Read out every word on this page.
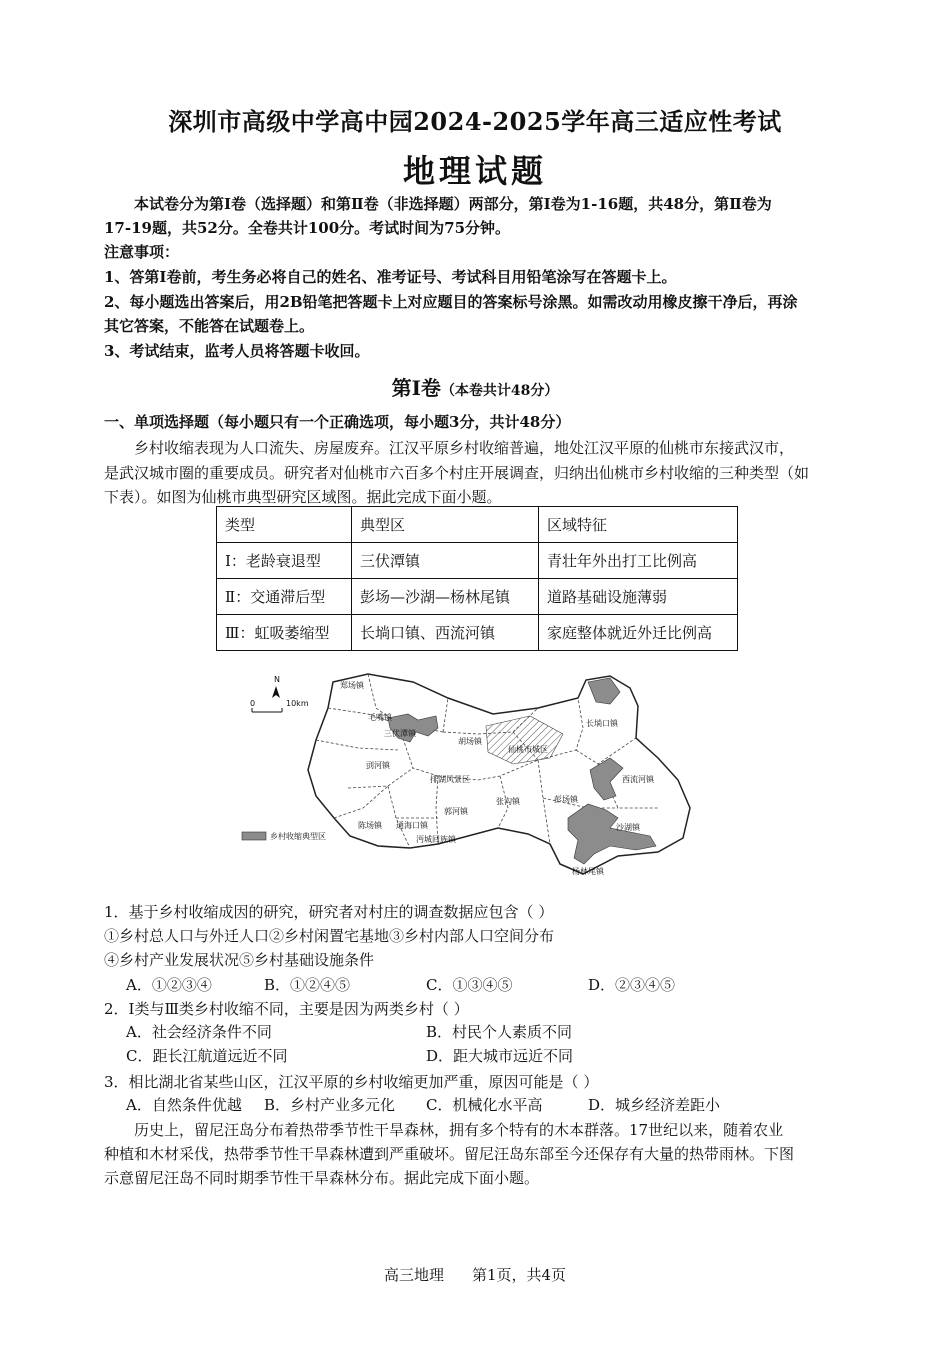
深圳市高级中学高中园2024-2025学年高三适应性考试
地理试题
本试卷分为第Ⅰ卷（选择题）和第Ⅱ卷（非选择题）两部分，第Ⅰ卷为1-16题，共48分，第Ⅱ卷为
17-19题，共52分。全卷共计100分。考试时间为75分钟。
注意事项：
1、答第Ⅰ卷前，考生务必将自己的姓名、准考证号、考试科目用铅笔涂写在答题卡上。
2、每小题选出答案后，用2B铅笔把答题卡上对应题目的答案标号涂黑。如需改动用橡皮擦干净后，再涂
其它答案，不能答在试题卷上。
3、考试结束，监考人员将答题卡收回。
第Ⅰ卷（本卷共计48分）
一、单项选择题（每小题只有一个正确选项，每小题3分，共计48分）
乡村收缩表现为人口流失、房屋废弃。江汉平原乡村收缩普遍，地处江汉平原的仙桃市东接武汉市，
是武汉城市圈的重要成员。研究者对仙桃市六百多个村庄开展调查，归纳出仙桃市乡村收缩的三种类型（如
下表）。如图为仙桃市典型研究区域图。据此完成下面小题。
类型	典型区	区域特征
Ⅰ：老龄衰退型	三伏潭镇	青壮年外出打工比例高
Ⅱ：交通滞后型	彭场—沙湖—杨林尾镇	道路基础设施薄弱
Ⅲ：虹吸萎缩型	长埫口镇、西流河镇	家庭整体就近外迁比例高
N
0	10km
乡村收缩典型区
郑场镇
毛嘴镇
三伏潭镇
胡场镇
仙桃市城区
长埫口镇
剅河镇
排湖风景区	西流河镇
张沟镇	彭场镇
陈场镇 通海口镇
郭河镇
沙湖镇
沔城回族镇
杨林尾镇
1．基于乡村收缩成因的研究，研究者对村庄的调查数据应包含（ ）
①乡村总人口与外迁人口②乡村闲置宅基地③乡村内部人口空间分布
④乡村产业发展状况⑤乡村基础设施条件
A．①②③④	B．①②④⑤	C．①③④⑤	D．②③④⑤
2．Ⅰ类与Ⅲ类乡村收缩不同，主要是因为两类乡村（ ）
A．社会经济条件不同	B．村民个人素质不同
C．距长江航道远近不同	D．距大城市远近不同
3．相比湖北省某些山区，江汉平原的乡村收缩更加严重，原因可能是（ ）
A．自然条件优越 B．乡村产业多元化 C．机械化水平高	D．城乡经济差距小
历史上，留尼汪岛分布着热带季节性干旱森林，拥有多个特有的木本群落。17世纪以来，随着农业
种植和木材采伐，热带季节性干旱森林遭到严重破坏。留尼汪岛东部至今还保存有大量的热带雨林。下图
示意留尼汪岛不同时期季节性干旱森林分布。据此完成下面小题。
高三地理 第1页，共4页
